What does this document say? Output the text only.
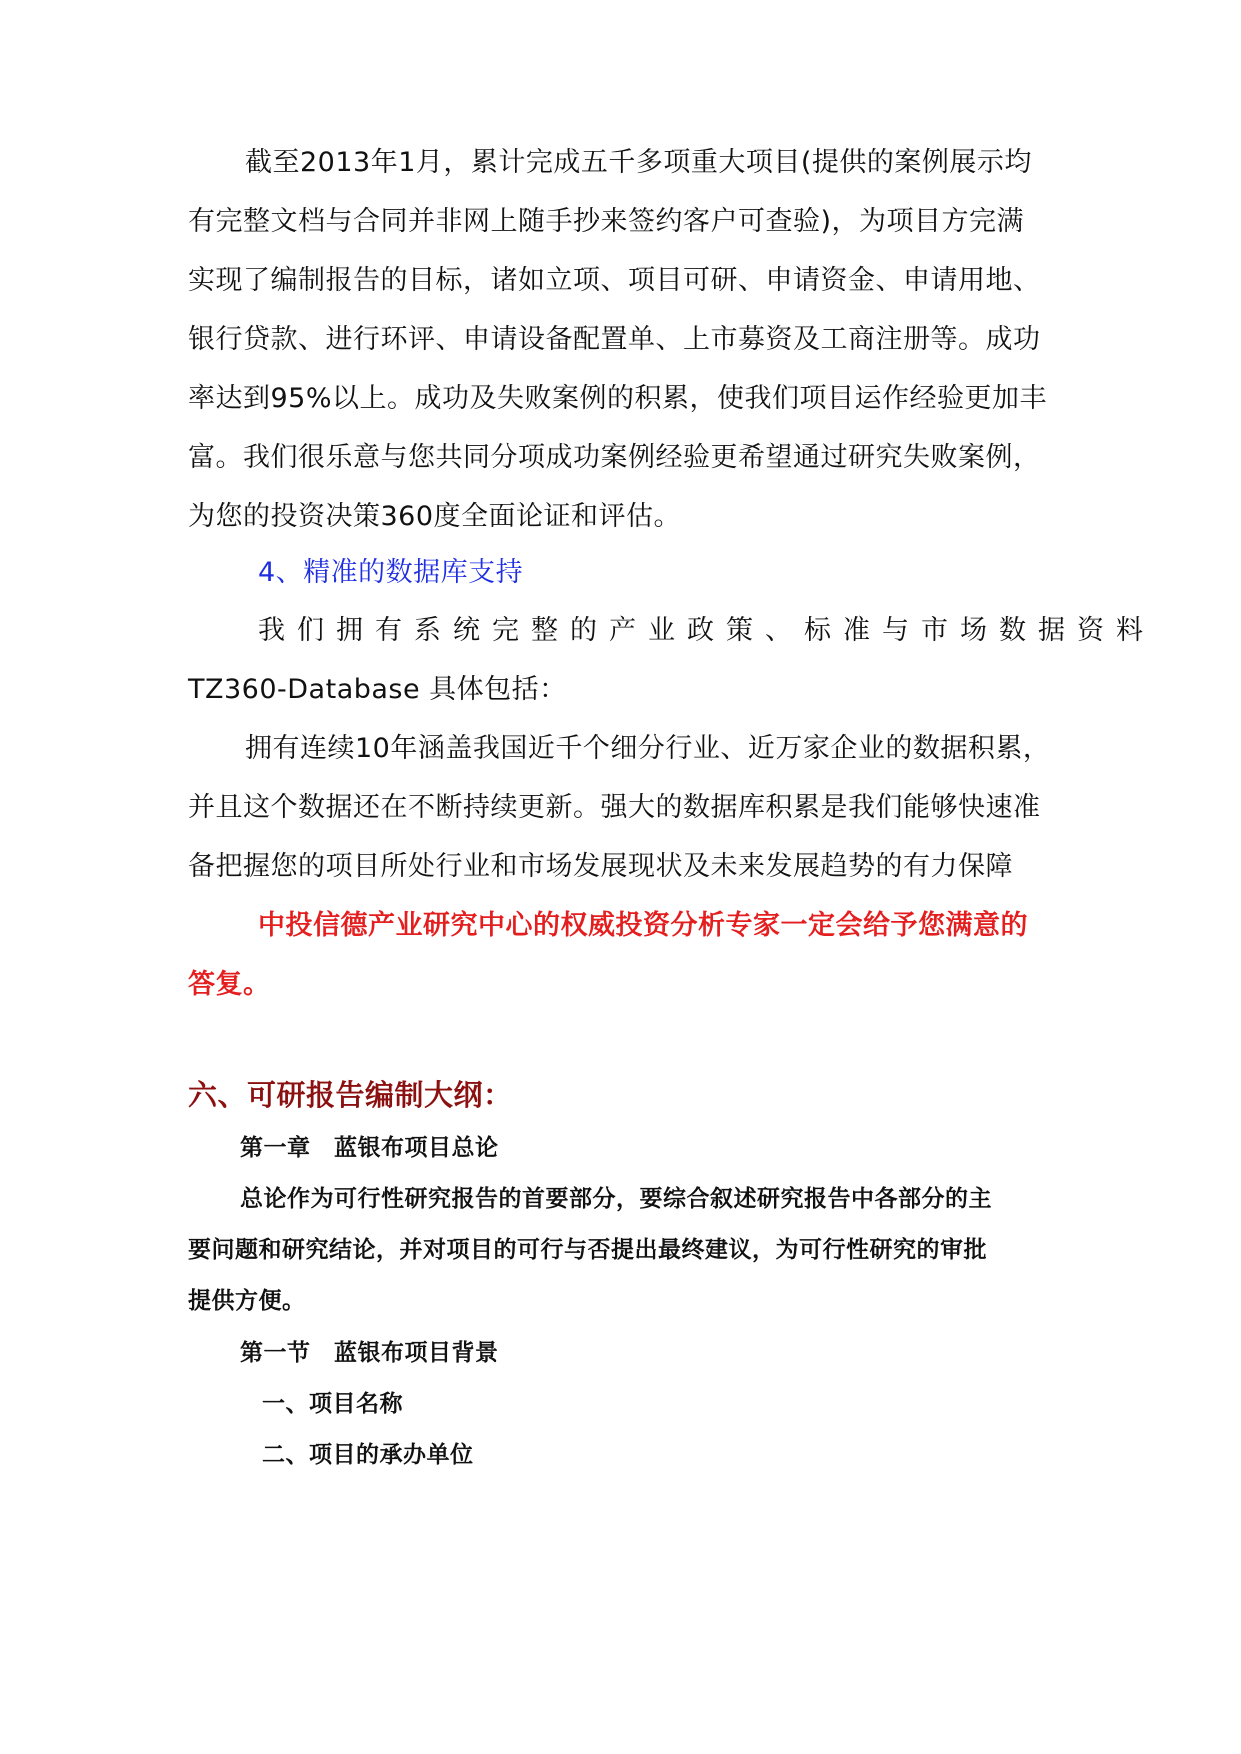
截至2013年1月，累计完成五千多项重大项目(提供的案例展示均
有完整文档与合同并非网上随手抄来签约客户可查验)，为项目方完满
实现了编制报告的目标，诸如立项、项目可研、申请资金、申请用地、
银行贷款、进行环评、申请设备配置单、上市募资及工商注册等。成功
率达到95%以上。成功及失败案例的积累，使我们项目运作经验更加丰
富。我们很乐意与您共同分项成功案例经验更希望通过研究失败案例，
为您的投资决策360度全面论证和评估。
4、精准的数据库支持
我们拥有系统完整的产业政策、标准与市场数据资料
TZ360-Database 具体包括：
拥有连续10年涵盖我国近千个细分行业、近万家企业的数据积累，
并且这个数据还在不断持续更新。强大的数据库积累是我们能够快速准
备把握您的项目所处行业和市场发展现状及未来发展趋势的有力保障
中投信德产业研究中心的权威投资分析专家一定会给予您满意的
答复。
六、可研报告编制大纲：
第一章　蓝银布项目总论
总论作为可行性研究报告的首要部分，要综合叙述研究报告中各部分的主
要问题和研究结论，并对项目的可行与否提出最终建议，为可行性研究的审批
提供方便。
第一节　蓝银布项目背景
一、项目名称
二、项目的承办单位
